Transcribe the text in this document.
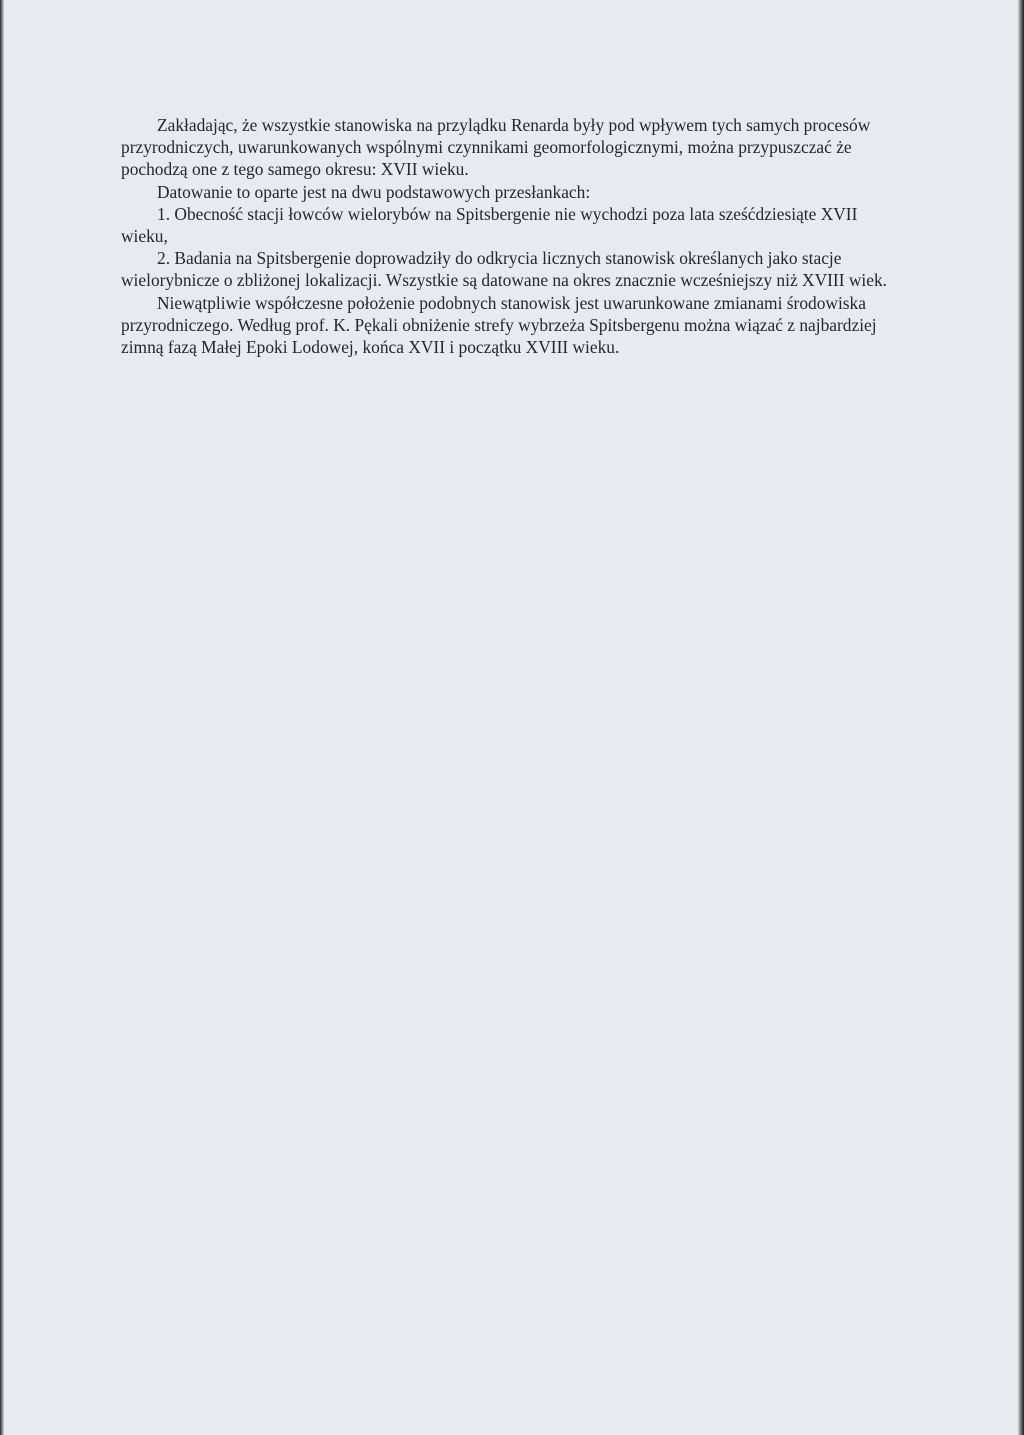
Zakładając, że wszystkie stanowiska na przylądku Renarda były pod wpływem tych samych procesów przyrodniczych, uwarunkowanych wspólnymi czynnikami geomorfologicznymi, można przypuszczać że pochodzą one z tego samego okresu: XVII wieku.

Datowanie to oparte jest na dwu podstawowych przesłankach:

1. Obecność stacji łowców wielorybów na Spitsbergenie nie wychodzi poza lata sześćdziesiąte XVII wieku,

2. Badania na Spitsbergenie doprowadziły do odkrycia licznych stanowisk określanych jako stacje wielorybnicze o zbliżonej lokalizacji. Wszystkie są datowane na okres znacznie wcześniejszy niż XVIII wiek.

Niewątpliwie współczesne położenie podobnych stanowisk jest uwarunkowane zmianami środowiska przyrodniczego. Według prof. K. Pękali obniżenie strefy wybrzeża Spitsbergenu można wiązać z najbardziej zimną fazą Małej Epoki Lodowej, końca XVII i początku XVIII wieku.
